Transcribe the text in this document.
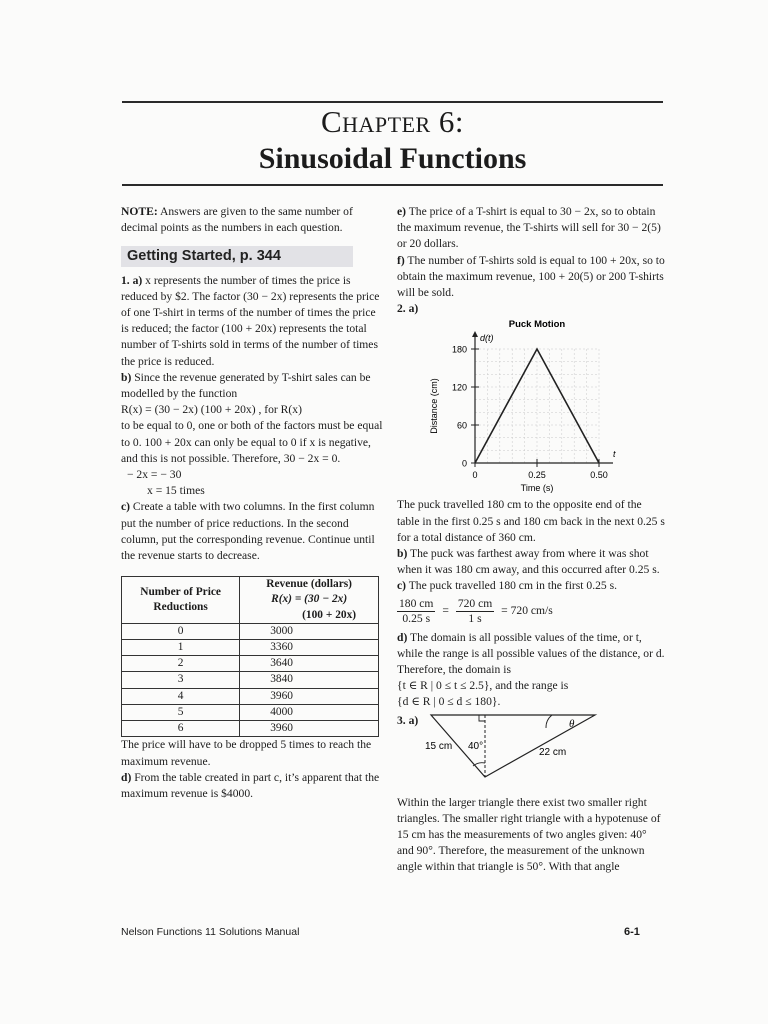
Chapter 6:
Sinusoidal Functions

NOTE: Answers are given to the same number of decimal points as the numbers in each question.

Getting Started, p. 344

1. a) x represents the number of times the price is reduced by $2. The factor (30 − 2x) represents the price of one T-shirt in terms of the number of times the price is reduced; the factor (100 + 20x) represents the total number of T-shirts sold in terms of the number of times the price is reduced.

b) Since the revenue generated by T-shirt sales can be modelled by the function

R(x) = (30 − 2x) (100 + 20x) , for R(x)

to be equal to 0, one or both of the factors must be equal to 0. 100 + 20x can only be equal to 0 if x is negative, and this is not possible. Therefore, 30 − 2x = 0.

− 2x = − 30

x = 15 times

c) Create a table with two columns. In the first column put the number of price reductions. In the second column, put the corresponding revenue. Continue until the revenue starts to decrease.

Number of Price Reductions	Revenue (dollars)
R(x) = (30 − 2x)
(100 + 20x)
0	3000
1	3360
2	3640
3	3840
4	3960
5	4000
6	3960

The price will have to be dropped 5 times to reach the maximum revenue.

d) From the table created in part c, it’s apparent that the maximum revenue is $4000.

e) The price of a T-shirt is equal to 30 − 2x, so to obtain the maximum revenue, the T-shirts will sell for 30 − 2(5) or 20 dollars.

f) The number of T-shirts sold is equal to 100 + 20x, so to obtain the maximum revenue, 100 + 20(5) or 200 T-shirts will be sold.

2. a)

0
60
120
180
0	0.25	0.50
Time (s)
Distance (cm)
Puck Motion
d(t)
t

The puck travelled 180 cm to the opposite end of the table in the first 0.25 s and 180 cm back in the next 0.25 s for a total distance of 360 cm.

b) The puck was farthest away from where it was shot when it was 180 cm away, and this occurred after 0.25 s.

c) The puck travelled 180 cm in the first 0.25 s.

$\frac{180 cm}{0.25 s} = \frac{720 cm}{1 s} = 720$ cm/s

d) The domain is all possible values of the time, or t, while the range is all possible values of the distance, or d. Therefore, the domain is

{t ∈ R | 0 ≤ t ≤ 2.5}, and the range is

{d ∈ R | 0 ≤ d ≤ 180}.

3. a)
15 cm 40°
22 cm
θ

Within the larger triangle there exist two smaller right triangles. The smaller right triangle with a hypotenuse of 15 cm has the measurements of two angles given: 40° and 90°. Therefore, the measurement of the unknown angle within that triangle is 50°. With that angle

Nelson Functions 11 Solutions Manual	6-1
